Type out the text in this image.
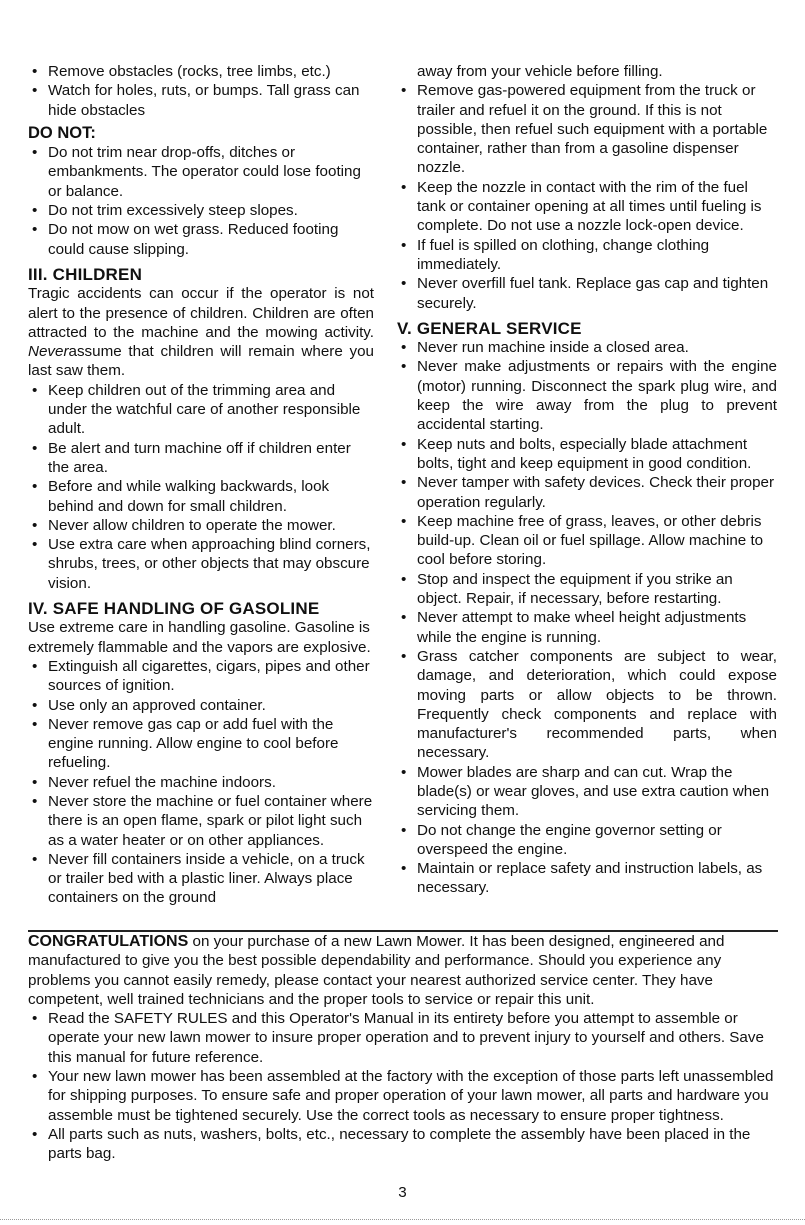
• Remove obstacles (rocks, tree limbs, etc.)
• Watch for holes, ruts, or bumps. Tall grass can hide obstacles
DO NOT:
• Do not trim near drop-offs, ditches or embankments. The operator could lose footing or balance.
• Do not trim excessively steep slopes.
• Do not mow on wet grass. Reduced footing could cause slipping.
III. CHILDREN

Tragic accidents can occur if the operator is not alert to the presence of children. Children are often attracted to the machine and the mowing activity. Neverassume that children will remain where you last saw them.

• Keep children out of the trimming area and under the watchful care of another responsible adult.
• Be alert and turn machine off if children enter the area.
• Before and while walking backwards, look behind and down for small children.
• Never allow children to operate the mower.
• Use extra care when approaching blind corners, shrubs, trees, or other objects that may obscure vision.
IV. SAFE HANDLING OF GASOLINE

Use extreme care in handling gasoline. Gasoline is extremely flammable and the vapors are explosive.

• Extinguish all cigarettes, cigars, pipes and other sources of ignition.
• Use only an approved container.
• Never remove gas cap or add fuel with the engine running. Allow engine to cool before refueling.
• Never refuel the machine indoors.
• Never store the machine or fuel container where there is an open flame, spark or pilot light such as a water heater or on other appliances.
• Never fill containers inside a vehicle, on a truck or trailer bed with a plastic liner. Always place containers on the ground

away from your vehicle before filling.

• Remove gas-powered equipment from the truck or trailer and refuel it on the ground. If this is not possible, then refuel such equipment with a portable container, rather than from a gasoline dispenser nozzle.
• Keep the nozzle in contact with the rim of the fuel tank or container opening at all times until fueling is complete. Do not use a nozzle lock-open device.
• If fuel is spilled on clothing, change clothing immediately.
• Never overfill fuel tank. Replace gas cap and tighten securely.
V. GENERAL SERVICE
• Never run machine inside a closed area.
• Never make adjustments or repairs with the engine (motor) running. Disconnect the spark plug wire, and keep the wire away from the plug to prevent accidental starting.
• Keep nuts and bolts, especially blade attachment bolts, tight and keep equipment in good condition.
• Never tamper with safety devices. Check their proper operation regularly.
• Keep machine free of grass, leaves, or other debris build-up. Clean oil or fuel spillage. Allow machine to cool before storing.
• Stop and inspect the equipment if you strike an object. Repair, if necessary, before restarting.
• Never attempt to make wheel height adjustments while the engine is running.
• Grass catcher components are subject to wear, damage, and deterioration, which could expose moving parts or allow objects to be thrown. Frequently check components and replace with manufacturer's recommended parts, when necessary.
• Mower blades are sharp and can cut. Wrap the blade(s) or wear gloves, and use extra caution when servicing them.
• Do not change the engine governor setting or overspeed the engine.
• Maintain or replace safety and instruction labels, as necessary.

CONGRATULATIONS on your purchase of a new Lawn Mower. It has been designed, engineered and manufactured to give you the best possible dependability and performance. Should you experience any problems you cannot easily remedy, please contact your nearest authorized service center. They have competent, well trained technicians and the proper tools to service or repair this unit.

• Read the SAFETY RULES and this Operator's Manual in its entirety before you attempt to assemble or operate your new lawn mower to insure proper operation and to prevent injury to yourself and others. Save this manual for future reference.
• Your new lawn mower has been assembled at the factory with the exception of those parts left unassembled for shipping purposes. To ensure safe and proper operation of your lawn mower, all parts and hardware you assemble must be tightened securely. Use the correct tools as necessary to ensure proper tightness.
• All parts such as nuts, washers, bolts, etc., necessary to complete the assembly have been placed in the parts bag.
3
